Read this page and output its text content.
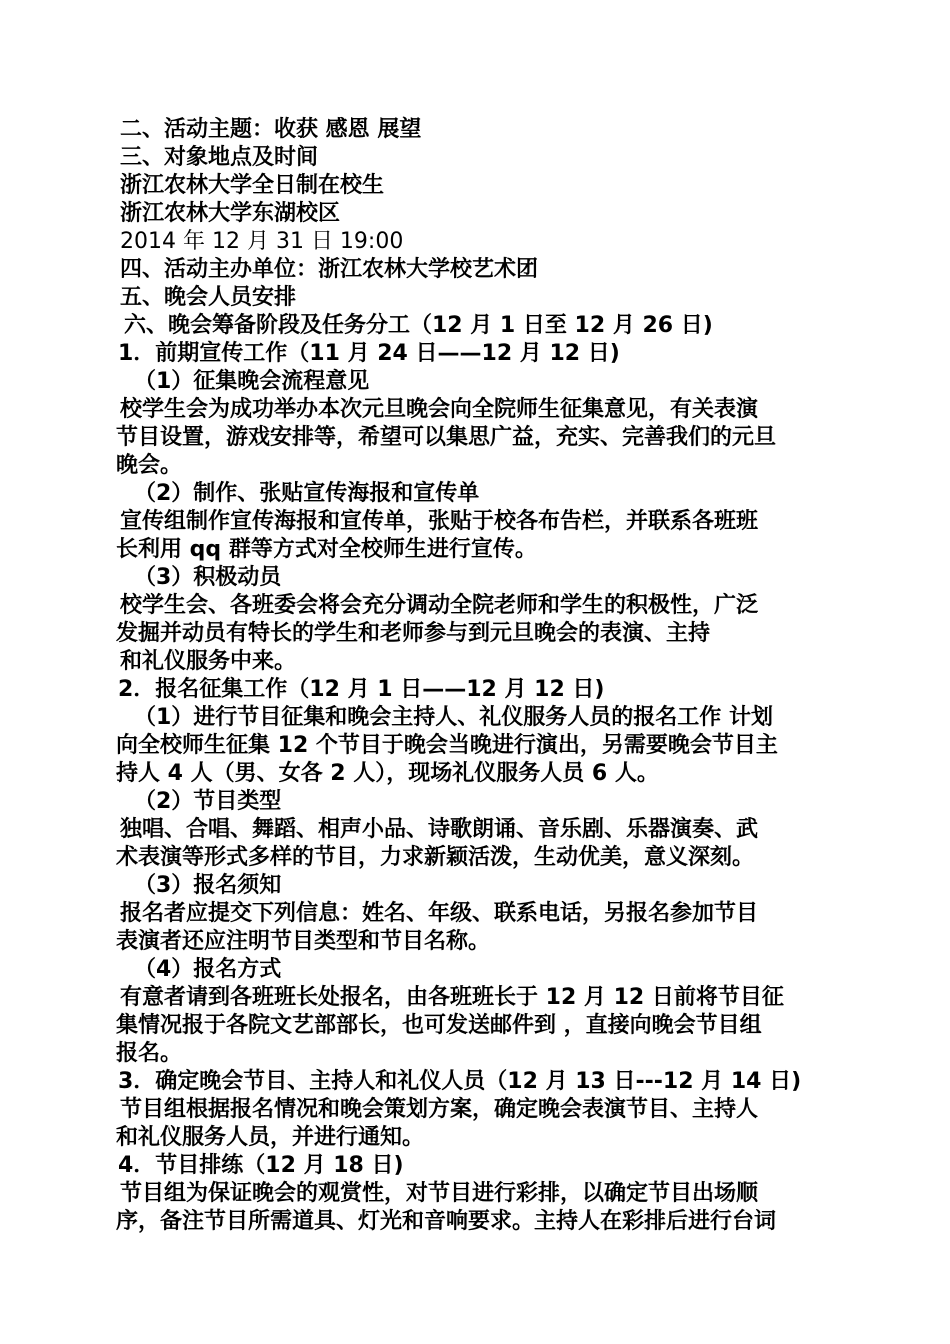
二、活动主题：收获 感恩 展望
三、对象地点及时间
浙江农林大学全日制在校生
浙江农林大学东湖校区
2014 年 12 月 31 日 19:00
四、活动主办单位：浙江农林大学校艺术团
五、晚会人员安排
六、晚会筹备阶段及任务分工（12 月 1 日至 12 月 26 日)
1．前期宣传工作（11 月 24 日——12 月 12 日)
（1）征集晚会流程意见
校学生会为成功举办本次元旦晚会向全院师生征集意见，有关表演
节目设置，游戏安排等，希望可以集思广益，充实、完善我们的元旦
晚会。
（2）制作、张贴宣传海报和宣传单
宣传组制作宣传海报和宣传单，张贴于校各布告栏，并联系各班班
长利用 qq 群等方式对全校师生进行宣传。
（3）积极动员
校学生会、各班委会将会充分调动全院老师和学生的积极性，广泛
发掘并动员有特长的学生和老师参与到元旦晚会的表演、主持
和礼仪服务中来。
2．报名征集工作（12 月 1 日——12 月 12 日)
（1）进行节目征集和晚会主持人、礼仪服务人员的报名工作 计划
向全校师生征集 12 个节目于晚会当晚进行演出，另需要晚会节目主
持人 4 人（男、女各 2 人），现场礼仪服务人员 6 人。
（2）节目类型
独唱、合唱、舞蹈、相声小品、诗歌朗诵、音乐剧、乐器演奏、武
术表演等形式多样的节目，力求新颖活泼，生动优美，意义深刻。
（3）报名须知
报名者应提交下列信息：姓名、年级、联系电话，另报名参加节目
表演者还应注明节目类型和节目名称。
（4）报名方式
有意者请到各班班长处报名，由各班班长于 12 月 12 日前将节目征
集情况报于各院文艺部部长，也可发送邮件到 ，直接向晚会节目组
报名。
3．确定晚会节目、主持人和礼仪人员（12 月 13 日---12 月 14 日)
节目组根据报名情况和晚会策划方案，确定晚会表演节目、主持人
和礼仪服务人员，并进行通知。
4．节目排练（12 月 18 日)
节目组为保证晚会的观赏性，对节目进行彩排，以确定节目出场顺
序，备注节目所需道具、灯光和音响要求。主持人在彩排后进行台词
